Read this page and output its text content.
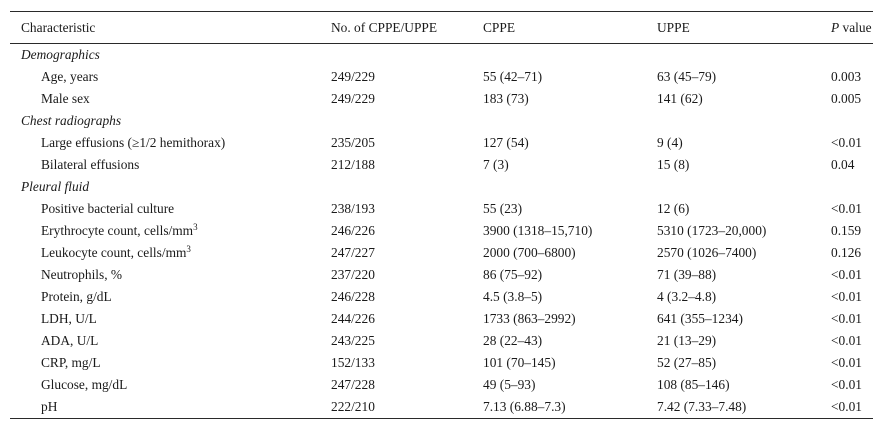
Characteristic	No. of CPPE/UPPE	CPPE	UPPE	P value
Demographics				
Age, years	249/229	55 (42–71)	63 (45–79)	0.003
Male sex	249/229	183 (73)	141 (62)	0.005
Chest radiographs				
Large effusions (≥1/2 hemithorax)	235/205	127 (54)	9 (4)	<0.01
Bilateral effusions	212/188	7 (3)	15 (8)	0.04
Pleural fluid				
Positive bacterial culture	238/193	55 (23)	12 (6)	<0.01
Erythrocyte count, cells/$mm^3$	246/226	3900 (1318–15,710)	5310 (1723–20,000)	0.159
Leukocyte count, cells/$mm^3$	247/227	2000 (700–6800)	2570 (1026–7400)	0.126
Neutrophils, %	237/220	86 (75–92)	71 (39–88)	<0.01
Protein, g/dL	246/228	4.5 (3.8–5)	4 (3.2–4.8)	<0.01
LDH, U/L	244/226	1733 (863–2992)	641 (355–1234)	<0.01
ADA, U/L	243/225	28 (22–43)	21 (13–29)	<0.01
CRP, mg/L	152/133	101 (70–145)	52 (27–85)	<0.01
Glucose, mg/dL	247/228	49 (5–93)	108 (85–146)	<0.01
pH	222/210	7.13 (6.88–7.3)	7.42 (7.33–7.48)	<0.01
